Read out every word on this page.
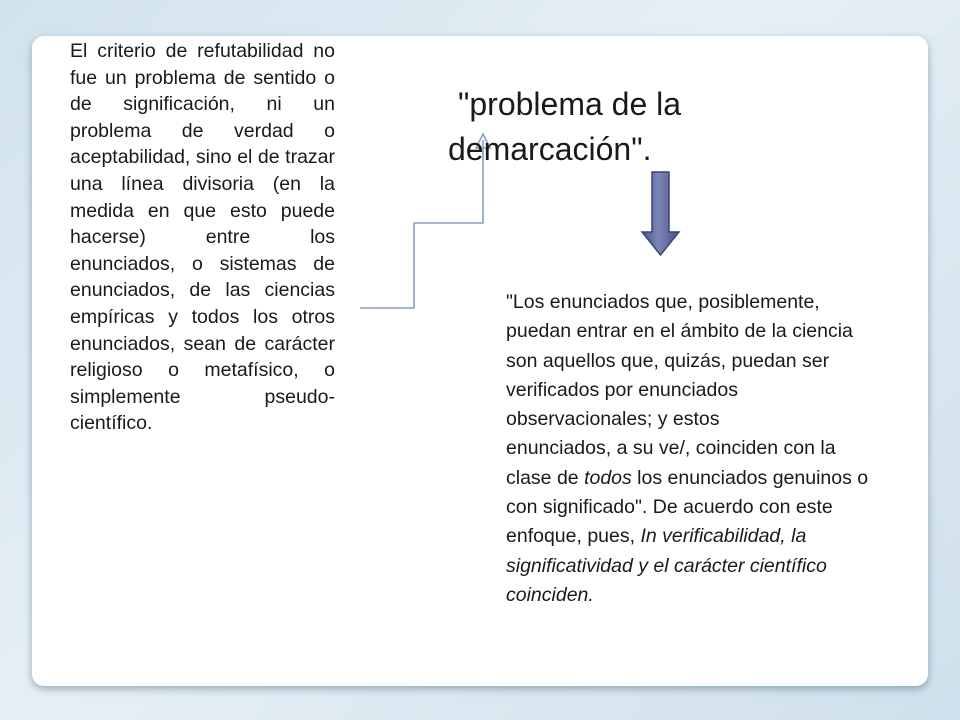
El criterio de refutabilidad no fue un problema de sentido o de significación, ni un problema de verdad o aceptabilidad, sino el de trazar una línea divisoria (en la medida en que esto puede hacerse) entre los enunciados, o sistemas de enunciados, de las ciencias empíricas y todos los otros enunciados, sean de carácter religioso o metafísico, o simplemente pseudo-científico.

"problema de la
demarcación".

"Los enunciados que, posiblemente, puedan entrar en el ámbito de la ciencia son aquellos que, quizás, puedan ser verificados por enunciados observacionales; y estos
enunciados, a su ve/, coinciden con la clase de todos los enunciados genuinos o con significado". De acuerdo con este enfoque, pues, In verificabilidad, la significatividad y el carácter científico coinciden.
